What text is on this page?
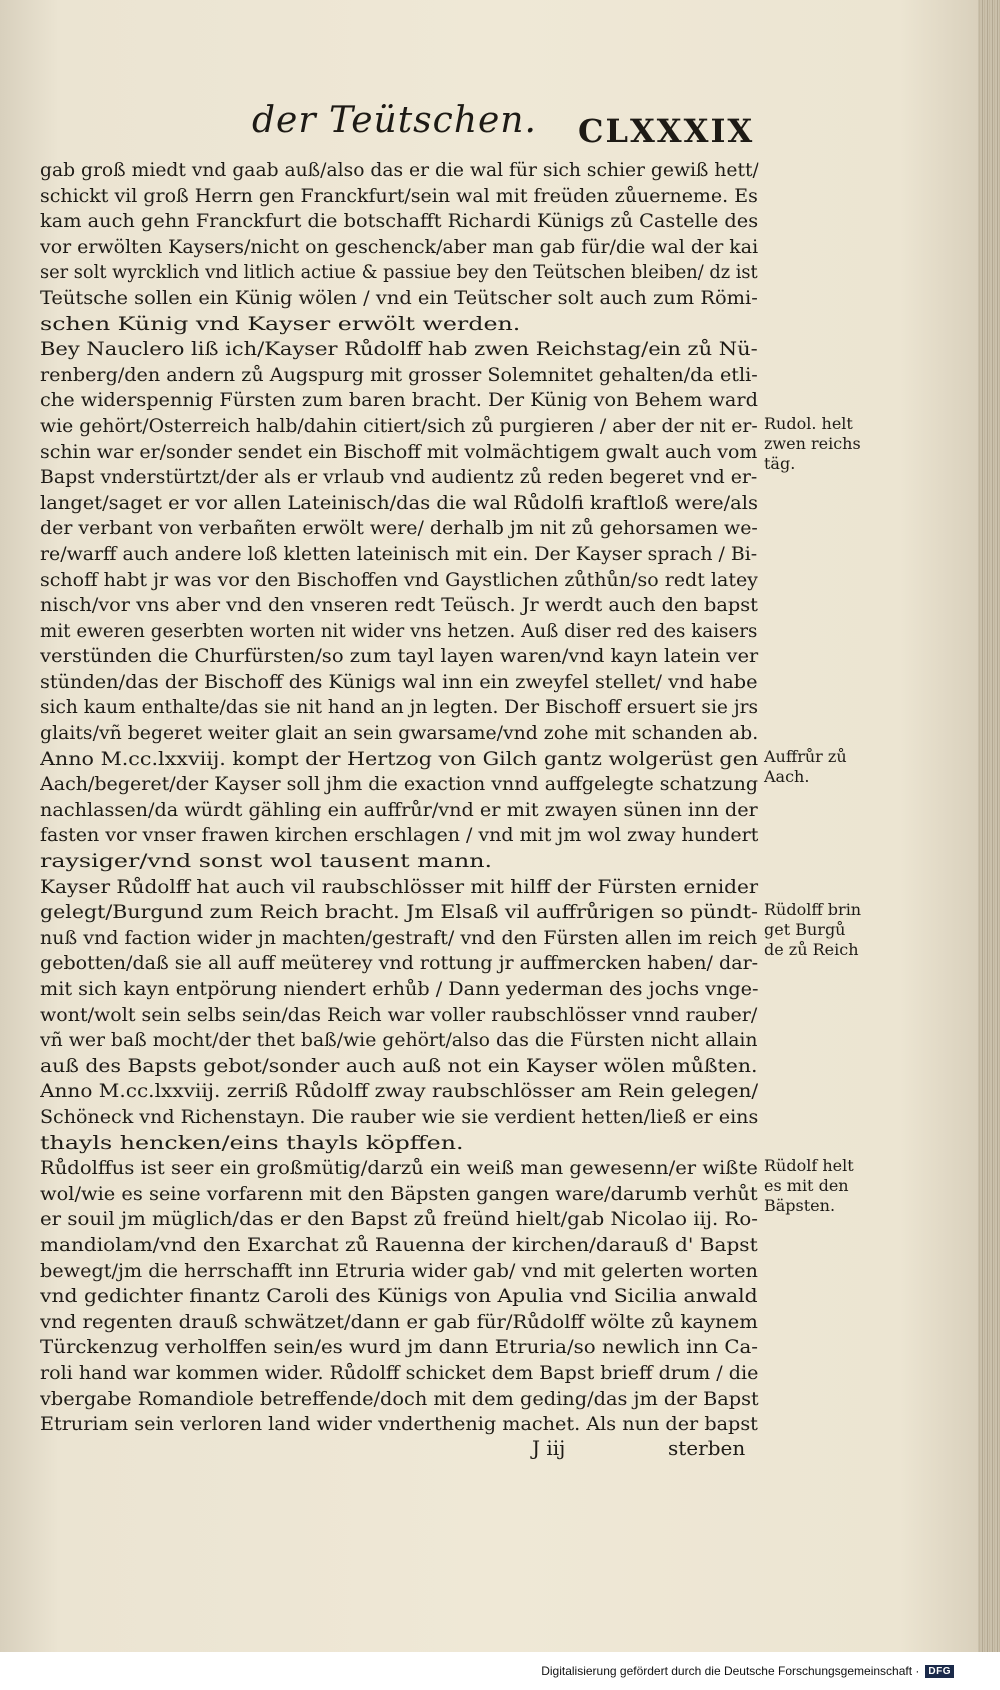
der Teütschen. CLXXXIX
gab groß miedt vnd gaab auß/also das er die wal für sich schier gewiß hett/
schickt vil groß Herrn gen Franckfurt/sein wal mit freüden zůuerneme. Es
kam auch gehn Franckfurt die botschafft Richardi Künigs zů Castelle des
vor erwölten Kaysers/nicht on geschenck/aber man gab für/die wal der kai
ser solt wyrcklich vnd litlich actiue & passiue bey den Teütschen bleiben/ dz ist
Teütsche sollen ein Künig wölen / vnd ein Teütscher solt auch zum Römi-
schen Künig vnd Kayser erwölt werden.
Bey Nauclero liß ich/Kayser Růdolff hab zwen Reichstag/ein zů Nü-
renberg/den andern zů Augspurg mit grosser Solemnitet gehalten/da etli-
che widerspennig Fürsten zum baren bracht. Der Künig von Behem ward
wie gehört/Osterreich halb/dahin citiert/sich zů purgieren / aber der nit er-
schin war er/sonder sendet ein Bischoff mit volmächtigem gwalt auch vom
Bapst vnderstürtzt/der als er vrlaub vnd audientz zů reden begeret vnd er-
langet/saget er vor allen Lateinisch/das die wal Růdolfi kraftloß were/als
der verbant von verbañten erwölt were/ derhalb jm nit zů gehorsamen we-
re/warff auch andere loß kletten lateinisch mit ein. Der Kayser sprach / Bi-
schoff habt jr was vor den Bischoffen vnd Gaystlichen zůthůn/so redt latey
nisch/vor vns aber vnd den vnseren redt Teüsch. Jr werdt auch den bapst
mit eweren geserbten worten nit wider vns hetzen. Auß diser red des kaisers
verstünden die Churfürsten/so zum tayl layen waren/vnd kayn latein ver
stünden/das der Bischoff des Künigs wal inn ein zweyfel stellet/ vnd habe
sich kaum enthalte/das sie nit hand an jn legten. Der Bischoff ersuert sie jrs
glaits/vñ begeret weiter glait an sein gwarsame/vnd zohe mit schanden ab.
Anno M.cc.lxxviij. kompt der Hertzog von Gilch gantz wolgerüst gen
Aach/begeret/der Kayser soll jhm die exaction vnnd auffgelegte schatzung
nachlassen/da würdt gähling ein auffrůr/vnd er mit zwayen sünen inn der
fasten vor vnser frawen kirchen erschlagen / vnd mit jm wol zway hundert
raysiger/vnd sonst wol tausent mann.
Kayser Růdolff hat auch vil raubschlösser mit hilff der Fürsten ernider
gelegt/Burgund zum Reich bracht. Jm Elsaß vil auffrůrigen so pündt-
nuß vnd faction wider jn machten/gestraft/ vnd den Fürsten allen im reich
gebotten/daß sie all auff meüterey vnd rottung jr auffmercken haben/ dar-
mit sich kayn entpörung niendert erhůb / Dann yederman des jochs vnge-
wont/wolt sein selbs sein/das Reich war voller raubschlösser vnnd rauber/
vñ wer baß mocht/der thet baß/wie gehört/also das die Fürsten nicht allain
auß des Bapsts gebot/sonder auch auß not ein Kayser wölen můßten.
Anno M.cc.lxxviij. zerriß Růdolff zway raubschlösser am Rein gelegen/
Schöneck vnd Richenstayn. Die rauber wie sie verdient hetten/ließ er eins
thayls hencken/eins thayls köpffen.
Růdolffus ist seer ein großmütig/darzů ein weiß man gewesenn/er wißte
wol/wie es seine vorfarenn mit den Bäpsten gangen ware/darumb verhůt
er souil jm müglich/das er den Bapst zů freünd hielt/gab Nicolao iij. Ro-
mandiolam/vnd den Exarchat zů Rauenna der kirchen/darauß d' Bapst
bewegt/jm die herrschafft inn Etruria wider gab/ vnd mit gelerten worten
vnd gedichter finantz Caroli des Künigs von Apulia vnd Sicilia anwald
vnd regenten drauß schwätzet/dann er gab für/Růdolff wölte zů kaynem
Türckenzug verholffen sein/es wurd jm dann Etruria/so newlich inn Ca-
roli hand war kommen wider. Růdolff schicket dem Bapst brieff drum / die
vbergabe Romandiole betreffende/doch mit dem geding/das jm der Bapst
Etruriam sein verloren land wider vnderthenig machet. Als nun der bapst
Rudol. helt
zwen reichs
täg.
Auffrůr zů
Aach.
Rüdolff brin
get Burgů
de zů Reich
Rüdolf helt
es mit den
Bäpsten.
J iij	sterben
Digitalisierung gefördert durch die Deutsche Forschungsgemeinschaft · DFG
